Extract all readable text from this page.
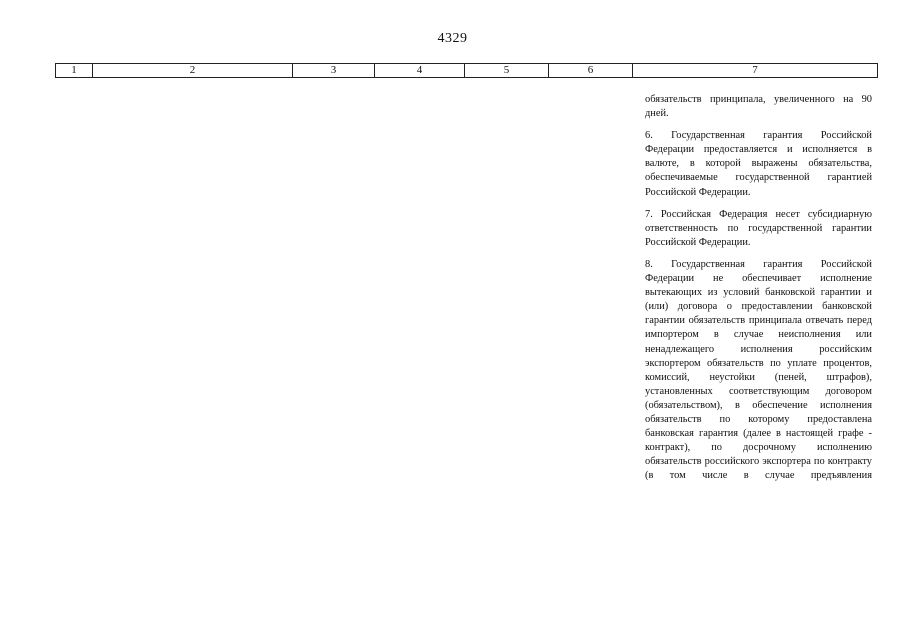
4329
1	2	3	4	5	6	7

обязательств принципала, увеличенного на 90 дней.

6. Государственная гарантия Российской Федерации предоставляется и исполняется в валюте, в которой выражены обязательства, обеспечиваемые государственной гарантией Российской Федерации.

7. Российская Федерация несет субсидиарную ответственность по государственной гарантии Российской Федерации.

8. Государственная гарантия Российской Федерации не обеспечивает исполнение вытекающих из условий банковской гарантии и (или) договора о предоставлении банковской гарантии обязательств принципала отвечать перед импортером в случае неисполнения или ненадлежащего исполнения российским экспортером обязательств по уплате процентов, комиссий, неустойки (пеней, штрафов), установленных соответствующим договором (обязательством), в обеспечение исполнения обязательств по которому предоставлена банковская гарантия (далее в настоящей графе - контракт), по досрочному исполнению обязательств российского экспортера по контракту (в том числе в случае предъявления
